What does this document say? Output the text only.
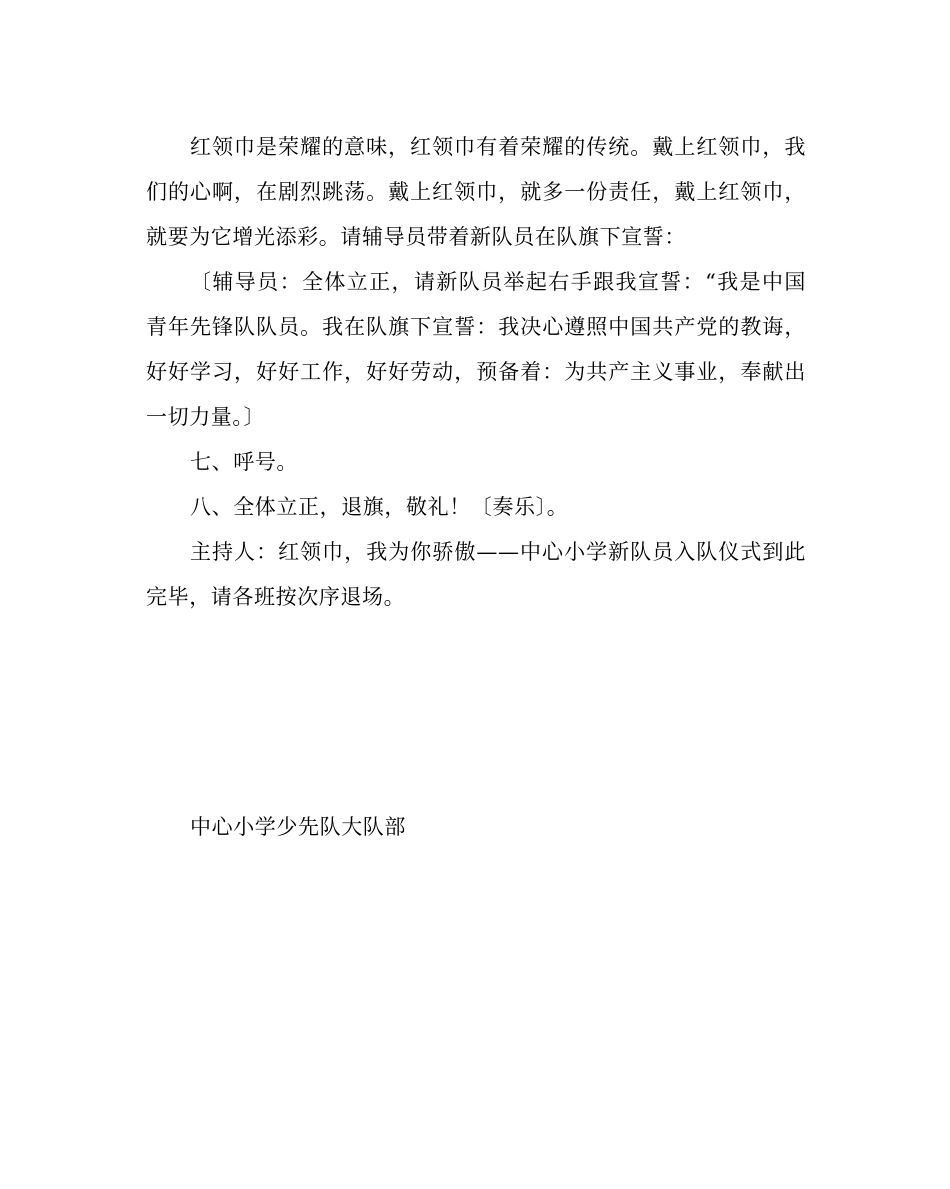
红领巾是荣耀的意味，红领巾有着荣耀的传统。戴上红领巾，我们的心啊，在剧烈跳荡。戴上红领巾，就多一份责任，戴上红领巾，就要为它增光添彩。请辅导员带着新队员在队旗下宣誓：

〔辅导员：全体立正，请新队员举起右手跟我宣誓：“我是中国青年先锋队队员。我在队旗下宣誓：我决心遵照中国共产党的教诲，好好学习，好好工作，好好劳动，预备着：为共产主义事业，奉献出一切力量。〕

七、呼号。

八、全体立正，退旗，敬礼！〔奏乐〕。

主持人：红领巾，我为你骄傲——中心小学新队员入队仪式到此完毕，请各班按次序退场。

中心小学少先队大队部
